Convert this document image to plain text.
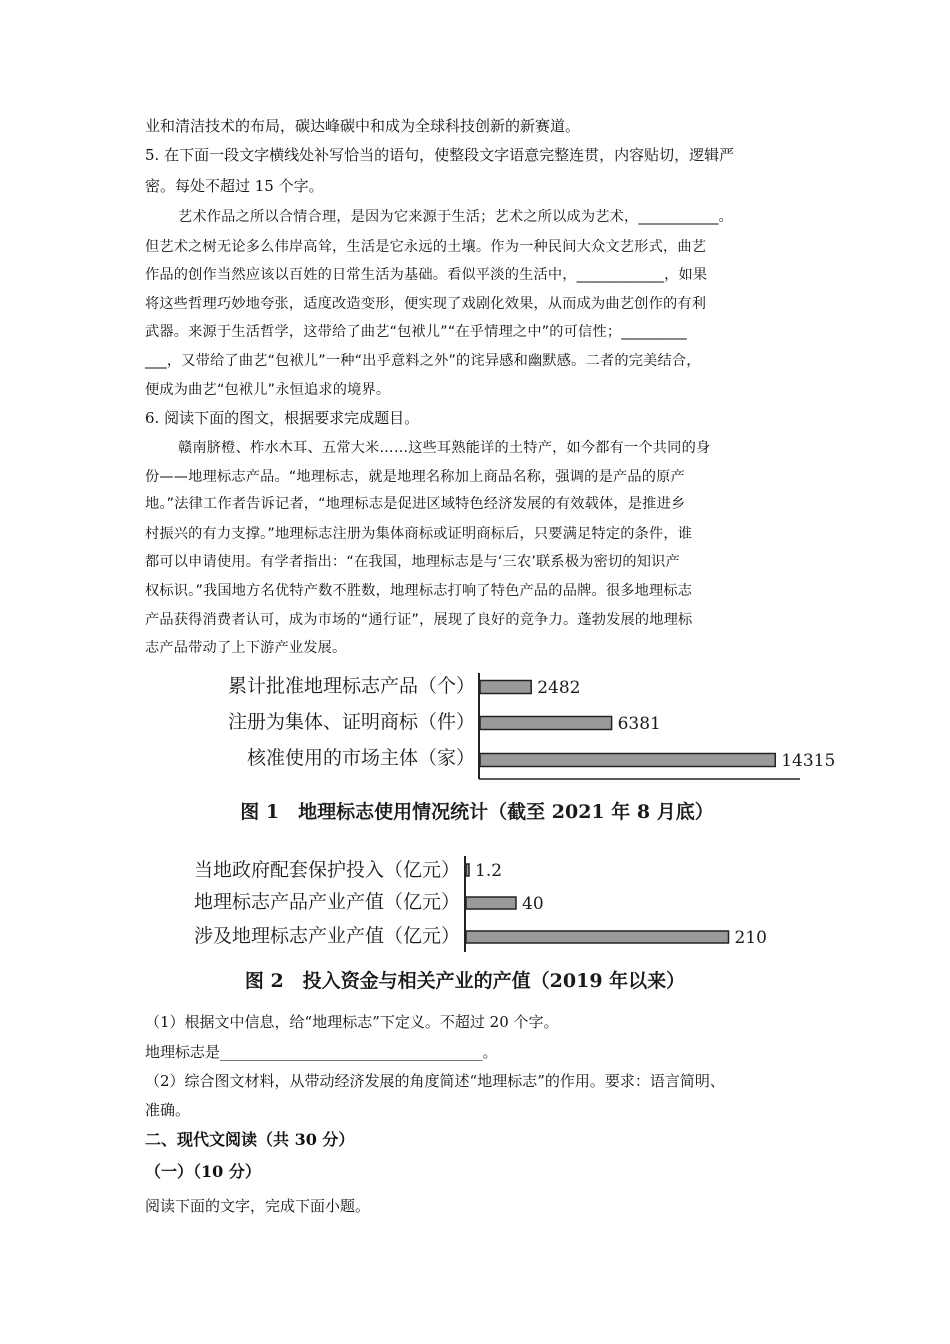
业和清洁技术的布局，碳达峰碳中和成为全球科技创新的新赛道。
5. 在下面一段文字横线处补写恰当的语句，使整段文字语意完整连贯，内容贴切，逻辑严
密。每处不超过 15 个字。
艺术作品之所以合情合理，是因为它来源于生活；艺术之所以成为艺术，___________。
但艺术之树无论多么伟岸高耸，生活是它永远的土壤。作为一种民间大众文艺形式，曲艺
作品的创作当然应该以百姓的日常生活为基础。看似平淡的生活中，____________，如果
将这些哲理巧妙地夸张，适度改造变形，便实现了戏剧化效果，从而成为曲艺创作的有利
武器。来源于生活哲学，这带给了曲艺“包袱儿”“在乎情理之中”的可信性；_________
___，又带给了曲艺“包袱儿”一种“出乎意料之外”的诧异感和幽默感。二者的完美结合，
便成为曲艺“包袱儿”永恒追求的境界。
6. 阅读下面的图文，根据要求完成题目。
赣南脐橙、柞水木耳、五常大米……这些耳熟能详的土特产，如今都有一个共同的身
份——地理标志产品。“地理标志，就是地理名称加上商品名称，强调的是产品的原产
地。”法律工作者告诉记者，“地理标志是促进区域特色经济发展的有效载体，是推进乡
村振兴的有力支撑。”地理标志注册为集体商标或证明商标后，只要满足特定的条件，谁
都可以申请使用。有学者指出：“在我国，地理标志是与‘三农’联系极为密切的知识产
权标识。”我国地方名优特产数不胜数，地理标志打响了特色产品的品牌。很多地理标志
产品获得消费者认可，成为市场的“通行证”，展现了良好的竞争力。蓬勃发展的地理标
志产品带动了上下游产业发展。
累计批准地理标志产品（个）
注册为集体、证明商标（件）
核准使用的市场主体（家）
2482
6381
14315
图 1　地理标志使用情况统计（截至 2021 年 8 月底）
当地政府配套保护投入（亿元）
地理标志产品产业产值（亿元）
涉及地理标志产业产值（亿元）
1.2
40
210
图 2　投入资金与相关产业的产值（2019 年以来）
（1）根据文中信息，给“地理标志”下定义。不超过 20 个字。
地理标志是___________________________________。
（2）综合图文材料，从带动经济发展的角度简述“地理标志”的作用。要求：语言简明、
准确。
二、现代文阅读（共 30 分）
（一）（10 分）
阅读下面的文字，完成下面小题。
